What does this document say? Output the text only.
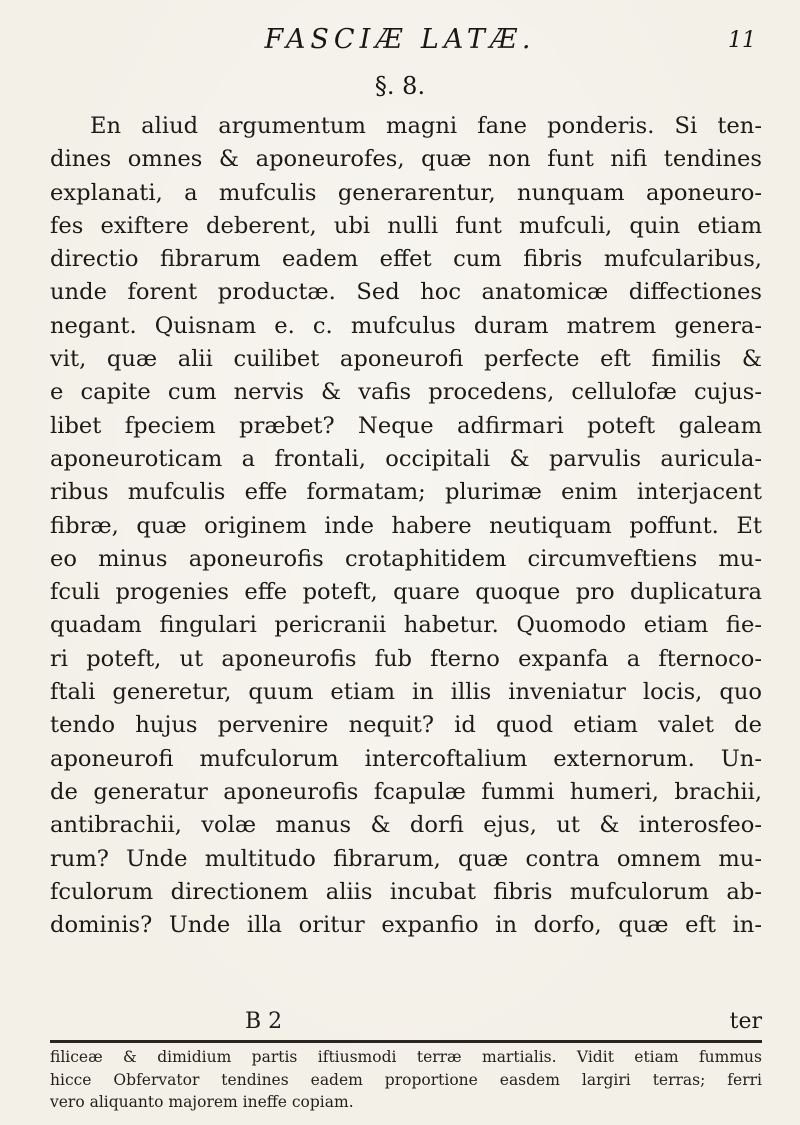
FASCIÆ LATÆ.	11
§. 8.
En aliud argumentum magni fane ponderis. Si ten-
dines omnes & aponeurofes, quæ non funt nifi tendines
explanati, a mufculis generarentur, nunquam aponeuro-
fes exiftere deberent, ubi nulli funt mufculi, quin etiam
directio fibrarum eadem effet cum fibris mufcularibus,
unde forent productæ. Sed hoc anatomicæ diffectiones
negant. Quisnam e. c. mufculus duram matrem genera-
vit, quæ alii cuilibet aponeurofi perfecte eft fimilis &
e capite cum nervis & vafis procedens, cellulofæ cujus-
libet fpeciem præbet? Neque adfirmari poteft galeam
aponeuroticam a frontali, occipitali & parvulis auricula-
ribus mufculis effe formatam; plurimæ enim interjacent
fibræ, quæ originem inde habere neutiquam poffunt. Et
eo minus aponeurofis crotaphitidem circumveftiens mu-
fculi progenies effe poteft, quare quoque pro duplicatura
quadam fingulari pericranii habetur. Quomodo etiam fie-
ri poteft, ut aponeurofis fub fterno expanfa a fternoco-
ftali generetur, quum etiam in illis inveniatur locis, quo
tendo hujus pervenire nequit? id quod etiam valet de
aponeurofi mufculorum intercoftalium externorum. Un-
de generatur aponeurofis fcapulæ fummi humeri, brachii,
antibrachii, volæ manus & dorfi ejus, ut & interosfeo-
rum? Unde multitudo fibrarum, quæ contra omnem mu-
fculorum directionem aliis incubat fibris mufculorum ab-
dominis? Unde illa oritur expanfio in dorfo, quæ eft in-
B 2	ter
filiceæ & dimidium partis iftiusmodi terræ martialis. Vidit etiam fummus
hicce Obfervator tendines eadem proportione easdem largiri terras; ferri
vero aliquanto majorem ineffe copiam.
